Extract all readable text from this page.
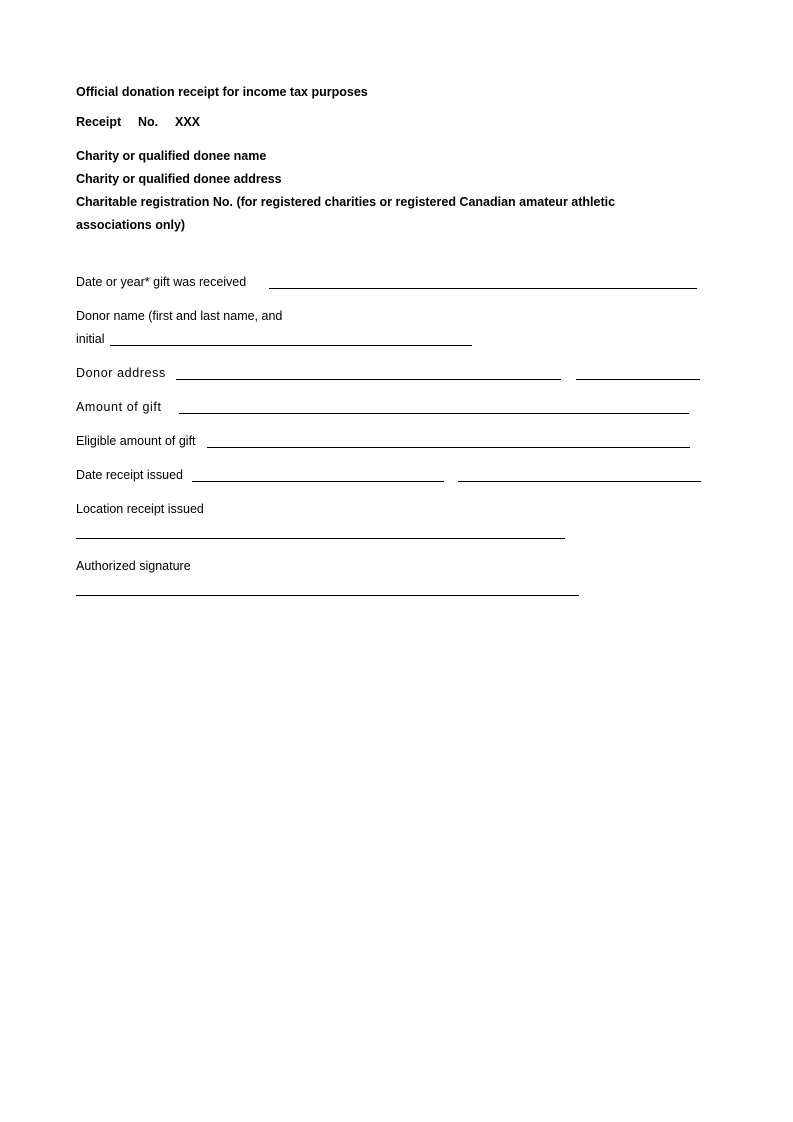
Official donation receipt for income tax purposes
Receipt No. XXX
Charity or qualified donee name
Charity or qualified donee address
Charitable registration No. (for registered charities or registered Canadian amateur athletic
associations only)
Date or year* gift was received
Donor name (first and last name, and
initial
Donor address
Amount of gift
Eligible amount of gift
Date receipt issued
Location receipt issued
Authorized signature
